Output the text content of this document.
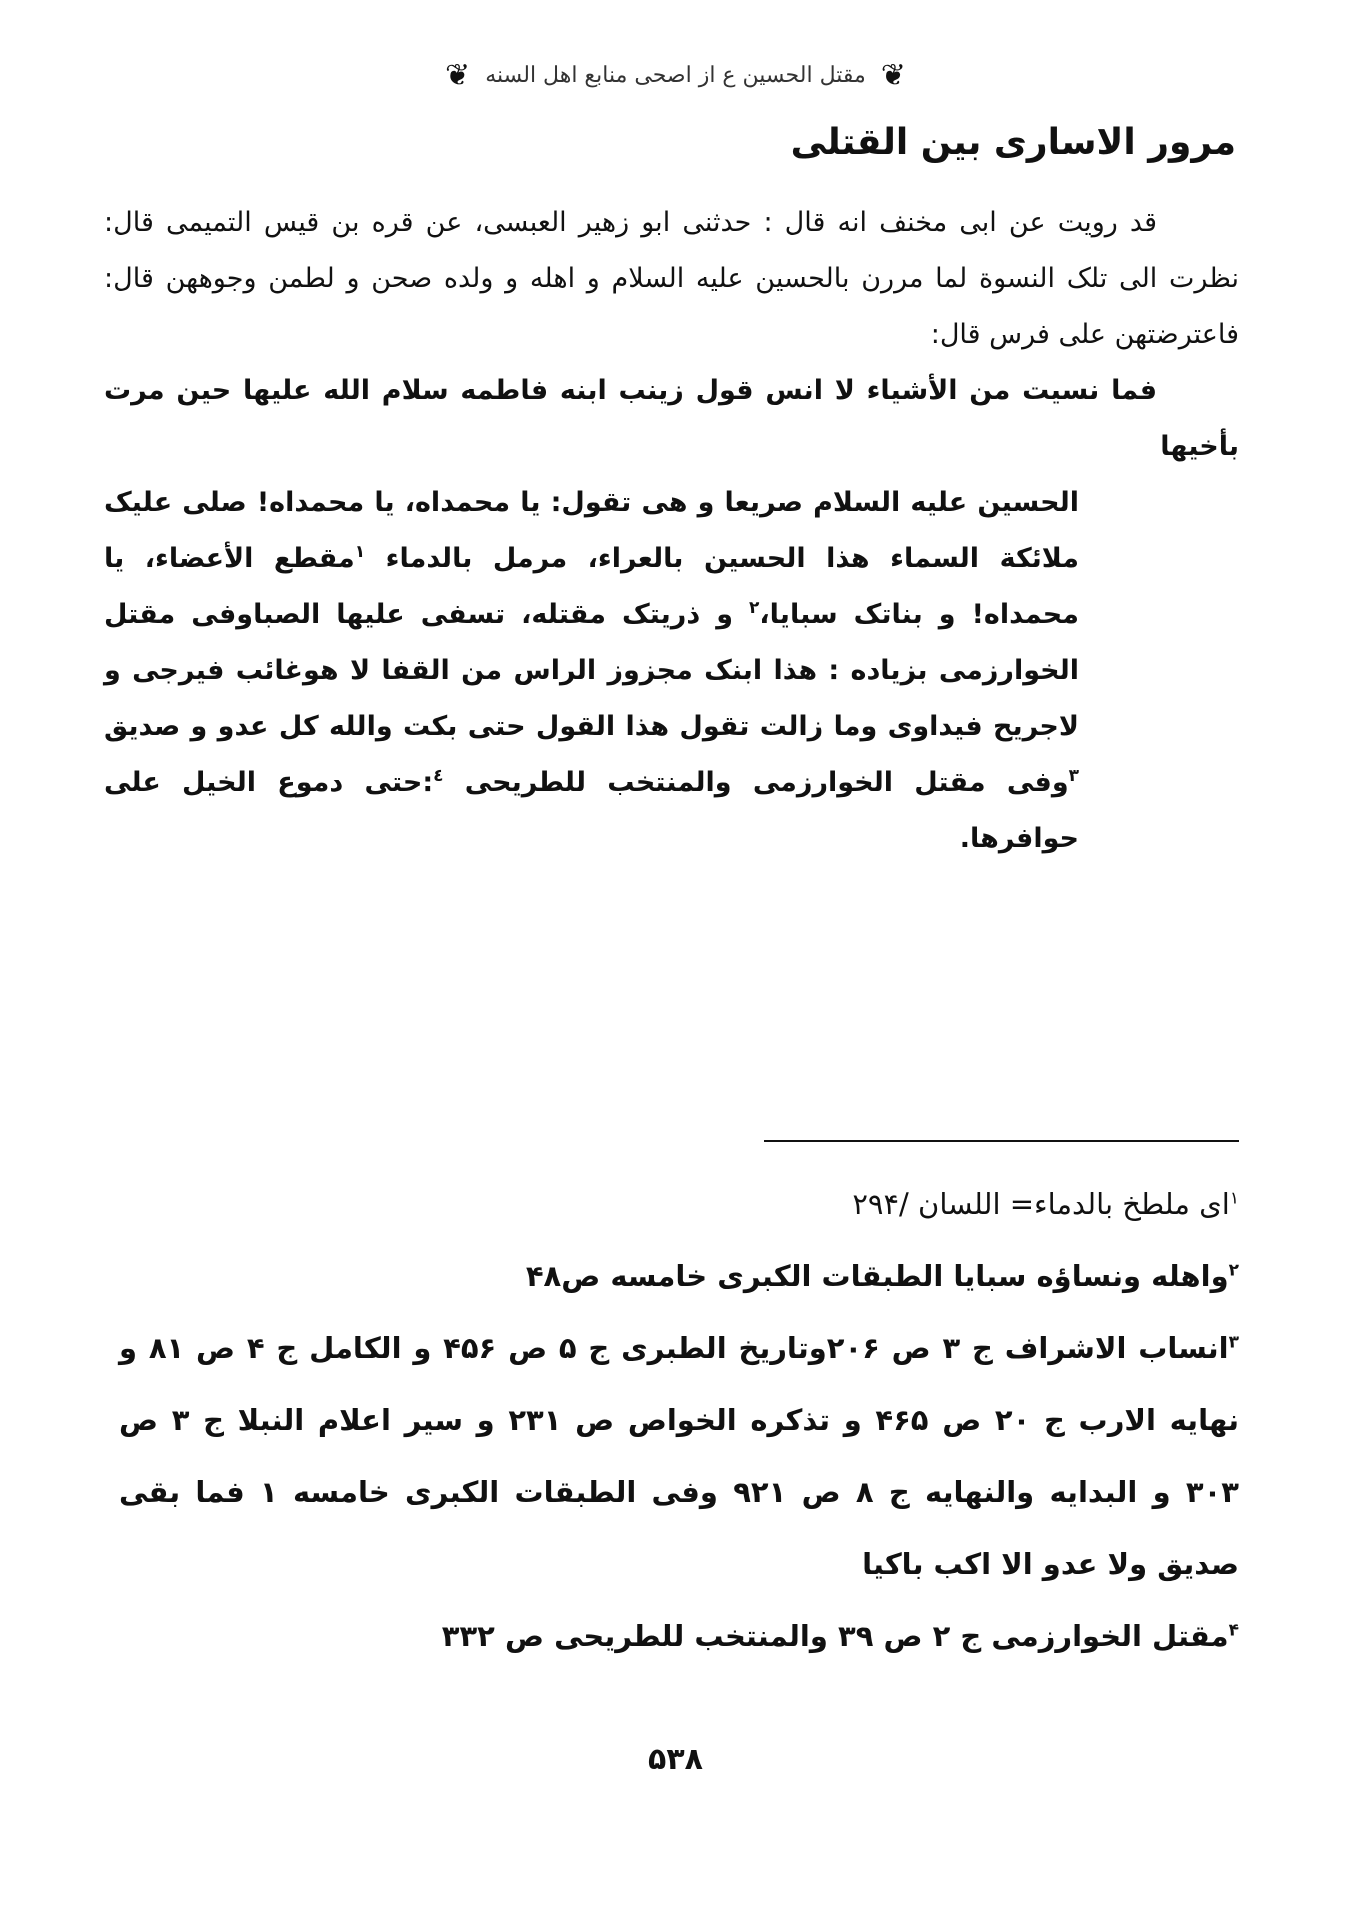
❦ مقتل الحسين ع از اصحی منابع اهل السنه ❦
مرور الاساری بین القتلی

قد رویت عن ابی مخنف انه قال : حدثنی ابو زهیر العبسی، عن قره بن قیس التمیمی قال: نظرت الی تلک النسوة لما مررن بالحسین علیه السلام و اهله و ولده صحن و لطمن وجوههن قال: فاعترضتهن علی فرس قال:

فما نسیت من الأشیاء لا انس قول زینب ابنه فاطمه سلام الله علیها حین مرت بأخیها

الحسین علیه السلام صریعا و هی تقول: یا محمداه، یا محمداه! صلی علیک ملائکة السماء هذا الحسین بالعراء، مرمل بالدماء $^١$مقطع الأعضاء، یا محمداه! و بناتک سبایا،$^٢$ و ذریتک مقتله، تسفی علیها الصباوفی مقتل الخوارزمی بزیاده : هذا ابنک مجزوز الراس من القفا لا هوغائب فیرجی و لاجریح فیداوی وما زالت تقول هذا القول حتی بکت والله کل عدو و صدیق $^٣$وفی مقتل الخوارزمی والمنتخب للطریحی $^٤$:حتی دموع الخیل علی حوافرها.

$^١$ای ملطخ بالدماء= اللسان /٢٩۴

$^٢$واهله ونساؤه سبایا الطبقات الکبری خامسه ص۴٨

$^٣$انساب الاشراف ج ٣ ص ٢٠۶وتاریخ الطبری ج ۵ ص ۴۵۶ و الکامل ج ۴ ص ٨١ و نهایه الارب ج ٢٠ ص ۴۶۵ و تذکره الخواص ص ٢٣١ و سیر اعلام النبلا ج ٣ ص ٣٠٣ و البدایه والنهایه ج ٨ ص ٩٢١ وفی الطبقات الکبری خامسه ١ فما بقی صدیق ولا عدو الا اکب باکیا

$^۴$مقتل الخوارزمی ج ٢ ص ٣٩ والمنتخب للطریحی ص ٣٣٢

۵٣٨
